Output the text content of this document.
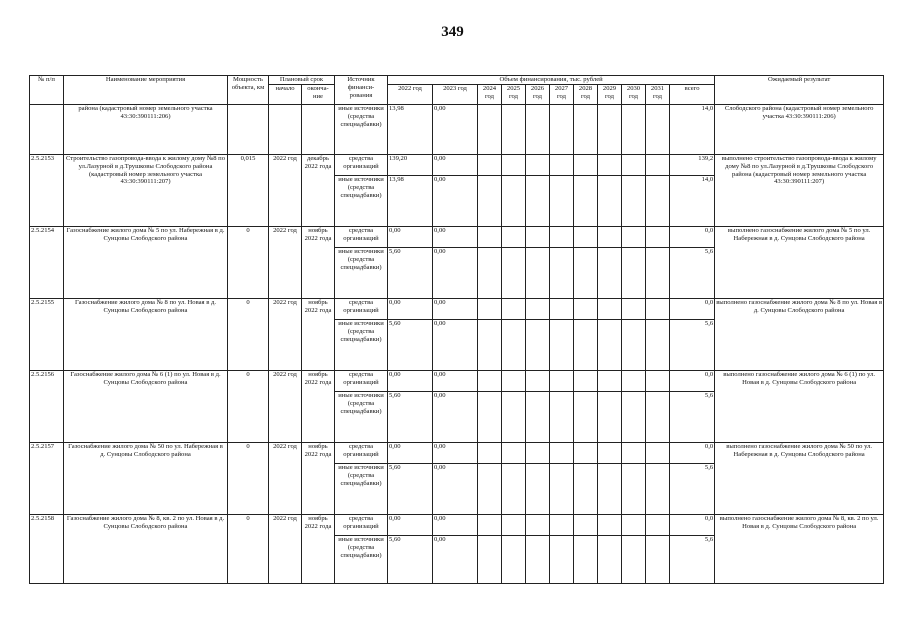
349
№ п/п	Наименование мероприятия	Мощность объекта, км	Плановый срок		Источник финанси- рования	Объем финансирования, тыс. рублей											Ожидаемый результат
			начало	оконча- ние		2022 год	2023 год	2024 год	2025 год	2026 год	2027 год	2028 год	2029 год	2030 год	2031 год	всего	
	района (кадастровый номер земельного участка 43:30:390111:206)				иные источники (средства спецнадбавки)	13,98	0,00									14,0	Слободского района (кадастровый номер земельного участка 43:30:390111:206)
2.5.2153	Строительство газопровода-ввода к жилому дому №8 по ул.Лазурной в д.Трушковы Слободского района (кадастровый номер земельного участка 43:30:390111:207)	0,015	2022 год	декабрь 2022 года	средства организаций	139,20	0,00									139,2	выполнено строительство газопровода-ввода к жилому дому №8 по ул.Лазурной в д.Трушковы Слободского района (кадастровый номер земельного участка 43:30:390111:207)
					иные источники (средства спецнадбавки)	13,98	0,00									14,0	
2.5.2154	Газоснабжение жилого дома № 5 по ул. Набережная в д. Сунцовы Слободского района	0	2022 год	ноябрь 2022 года	средства организаций	0,00	0,00									0,0	выполнено газоснабжение жилого дома № 5 по ул. Набережная в д. Сунцовы Слободского района
					иные источники (средства спецнадбавки)	5,60	0,00									5,6	
2.5.2155	Газоснабжение жилого дома № 8 по ул. Новая в д. Сунцовы Слободского района	0	2022 год	ноябрь 2022 года	средства организаций	0,00	0,00									0,0	выполнено газоснабжение жилого дома № 8 по ул. Новая в д. Сунцовы Слободского района
					иные источники (средства спецнадбавки)	5,60	0,00									5,6	
2.5.2156	Газоснабжение жилого дома № 6 (1) по ул. Новая в д. Сунцовы Слободского района	0	2022 год	ноябрь 2022 года	средства организаций	0,00	0,00									0,0	выполнено газоснабжение жилого дома № 6 (1) по ул. Новая в д. Сунцовы Слободского района
					иные источники (средства спецнадбавки)	5,60	0,00									5,6	
2.5.2157	Газоснабжение жилого дома № 50 по ул. Набережная в д. Сунцовы Слободского района	0	2022 год	ноябрь 2022 года	средства организаций	0,00	0,00									0,0	выполнено газоснабжение жилого дома № 50 по ул. Набережная в д. Сунцовы Слободского района
					иные источники (средства спецнадбавки)	5,60	0,00									5,6	
2.5.2158	Газоснабжение жилого дома № 8, кв. 2 по ул. Новая в д. Сунцовы Слободского района	0	2022 год	ноябрь 2022 года	средства организаций	0,00	0,00									0,0	выполнено газоснабжение жилого дома № 8, кв. 2 по ул. Новая в д. Сунцовы Слободского района
					иные источники (средства спецнадбавки)	5,60	0,00									5,6	
